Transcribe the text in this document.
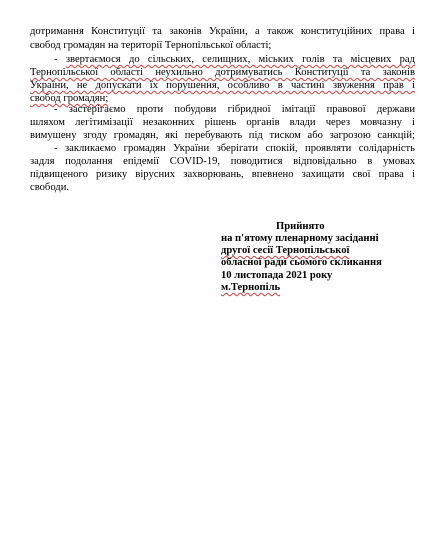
дотримання Конституції та законів України, а також конституційних права і
свобод громадян на території Тернопільської області;
- звертаємося до сільських, селищних, міських голів та місцевих рад
Тернопільської області неухильно дотримуватись Конституції та законів
України, не допускати їх порушення, особливо в частині звуження прав і
свобод громадян;
- застерігаємо проти побудови гібридної імітації правової держави
шляхом легітимізації незаконних рішень органів влади через мовчазну і
вимушену згоду громадян, які перебувають під тиском або загрозою санкцій;
- закликаємо громадян України зберігати спокій, проявляти солідарність
задля подолання епідемії COVID-19, поводитися відповідально в умовах
підвищеного ризику вірусних захворювань, впевнено захищати свої права і
свободи.
Прийнято
на п'ятому пленарному засіданні
другої сесії Тернопільської
обласної ради сьомого скликання
10 листопада 2021 року
м.Тернопіль
